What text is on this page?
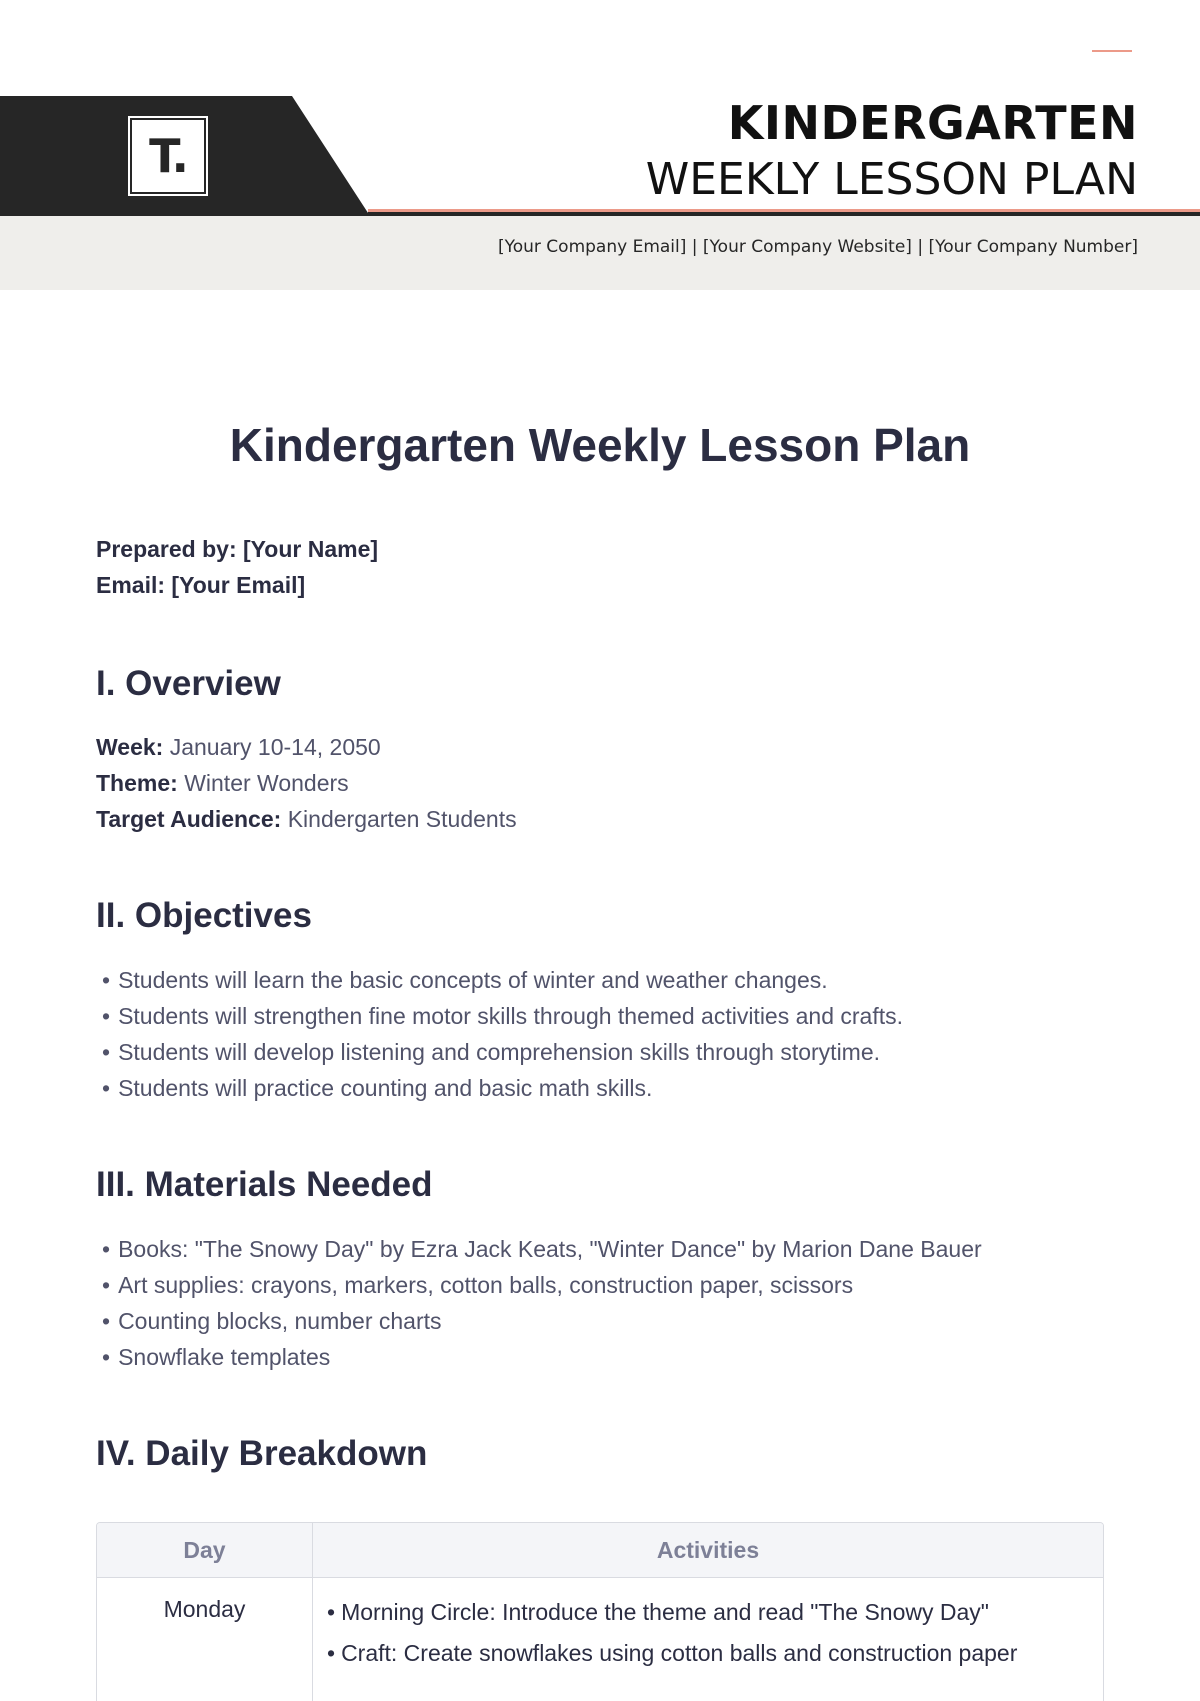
T.
KINDERGARTEN
WEEKLY LESSON PLAN
[Your Company Email] | [Your Company Website] | [Your Company Number]
Kindergarten Weekly Lesson Plan
Prepared by: [Your Name]
Email: [Your Email]
I. Overview
Week: January 10-14, 2050
Theme: Winter Wonders
Target Audience: Kindergarten Students
II. Objectives
• Students will learn the basic concepts of winter and weather changes.
• Students will strengthen fine motor skills through themed activities and crafts.
• Students will develop listening and comprehension skills through storytime.
• Students will practice counting and basic math skills.
III. Materials Needed
• Books: "The Snowy Day" by Ezra Jack Keats, "Winter Dance" by Marion Dane Bauer
• Art supplies: crayons, markers, cotton balls, construction paper, scissors
• Counting blocks, number charts
• Snowflake templates
IV. Daily Breakdown
Day	Activities
Monday
•	Morning Circle: Introduce the theme and read "The Snowy Day"
• Craft: Create snowflakes using cotton balls and construction paper
